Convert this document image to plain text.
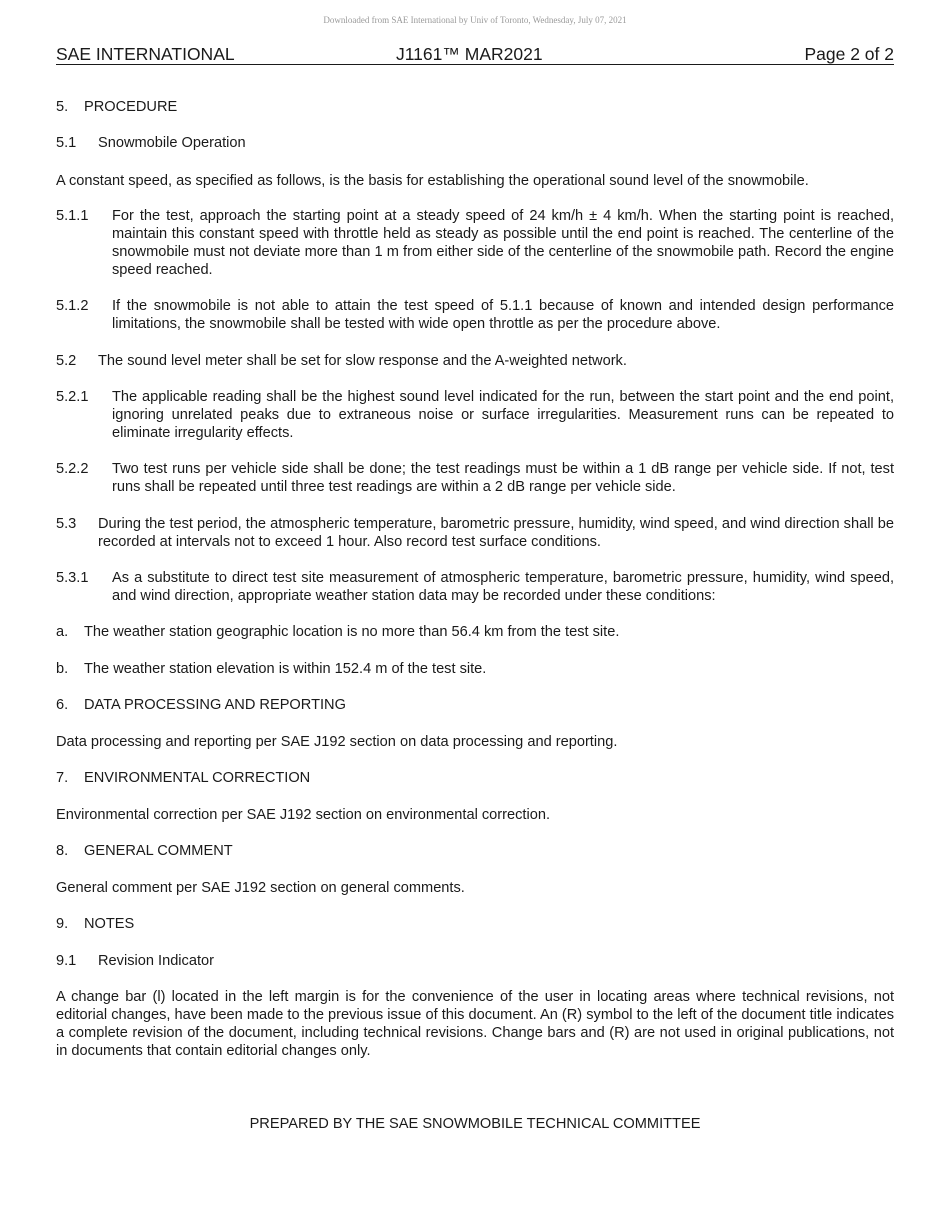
Downloaded from SAE International by Univ of Toronto, Wednesday, July 07, 2021
SAE INTERNATIONAL	J1161™ MAR2021	Page 2 of 2
5. PROCEDURE
5.1 Snowmobile Operation
A constant speed, as specified as follows, is the basis for establishing the operational sound level of the snowmobile.
5.1.1 For the test, approach the starting point at a steady speed of 24 km/h ± 4 km/h. When the starting point is reached, maintain this constant speed with throttle held as steady as possible until the end point is reached. The centerline of the snowmobile must not deviate more than 1 m from either side of the centerline of the snowmobile path. Record the engine speed reached.
5.1.2 If the snowmobile is not able to attain the test speed of 5.1.1 because of known and intended design performance limitations, the snowmobile shall be tested with wide open throttle as per the procedure above.
5.2 The sound level meter shall be set for slow response and the A-weighted network.
5.2.1 The applicable reading shall be the highest sound level indicated for the run, between the start point and the end point, ignoring unrelated peaks due to extraneous noise or surface irregularities. Measurement runs can be repeated to eliminate irregularity effects.
5.2.2 Two test runs per vehicle side shall be done; the test readings must be within a 1 dB range per vehicle side. If not, test runs shall be repeated until three test readings are within a 2 dB range per vehicle side.
5.3 During the test period, the atmospheric temperature, barometric pressure, humidity, wind speed, and wind direction shall be recorded at intervals not to exceed 1 hour. Also record test surface conditions.
5.3.1 As a substitute to direct test site measurement of atmospheric temperature, barometric pressure, humidity, wind speed, and wind direction, appropriate weather station data may be recorded under these conditions:
a. The weather station geographic location is no more than 56.4 km from the test site.
b. The weather station elevation is within 152.4 m of the test site.
6. DATA PROCESSING AND REPORTING
Data processing and reporting per SAE J192 section on data processing and reporting.
7. ENVIRONMENTAL CORRECTION
Environmental correction per SAE J192 section on environmental correction.
8. GENERAL COMMENT
General comment per SAE J192 section on general comments.
9. NOTES
9.1 Revision Indicator
A change bar (l) located in the left margin is for the convenience of the user in locating areas where technical revisions, not editorial changes, have been made to the previous issue of this document. An (R) symbol to the left of the document title indicates a complete revision of the document, including technical revisions. Change bars and (R) are not used in original publications, not in documents that contain editorial changes only.
PREPARED BY THE SAE SNOWMOBILE TECHNICAL COMMITTEE
